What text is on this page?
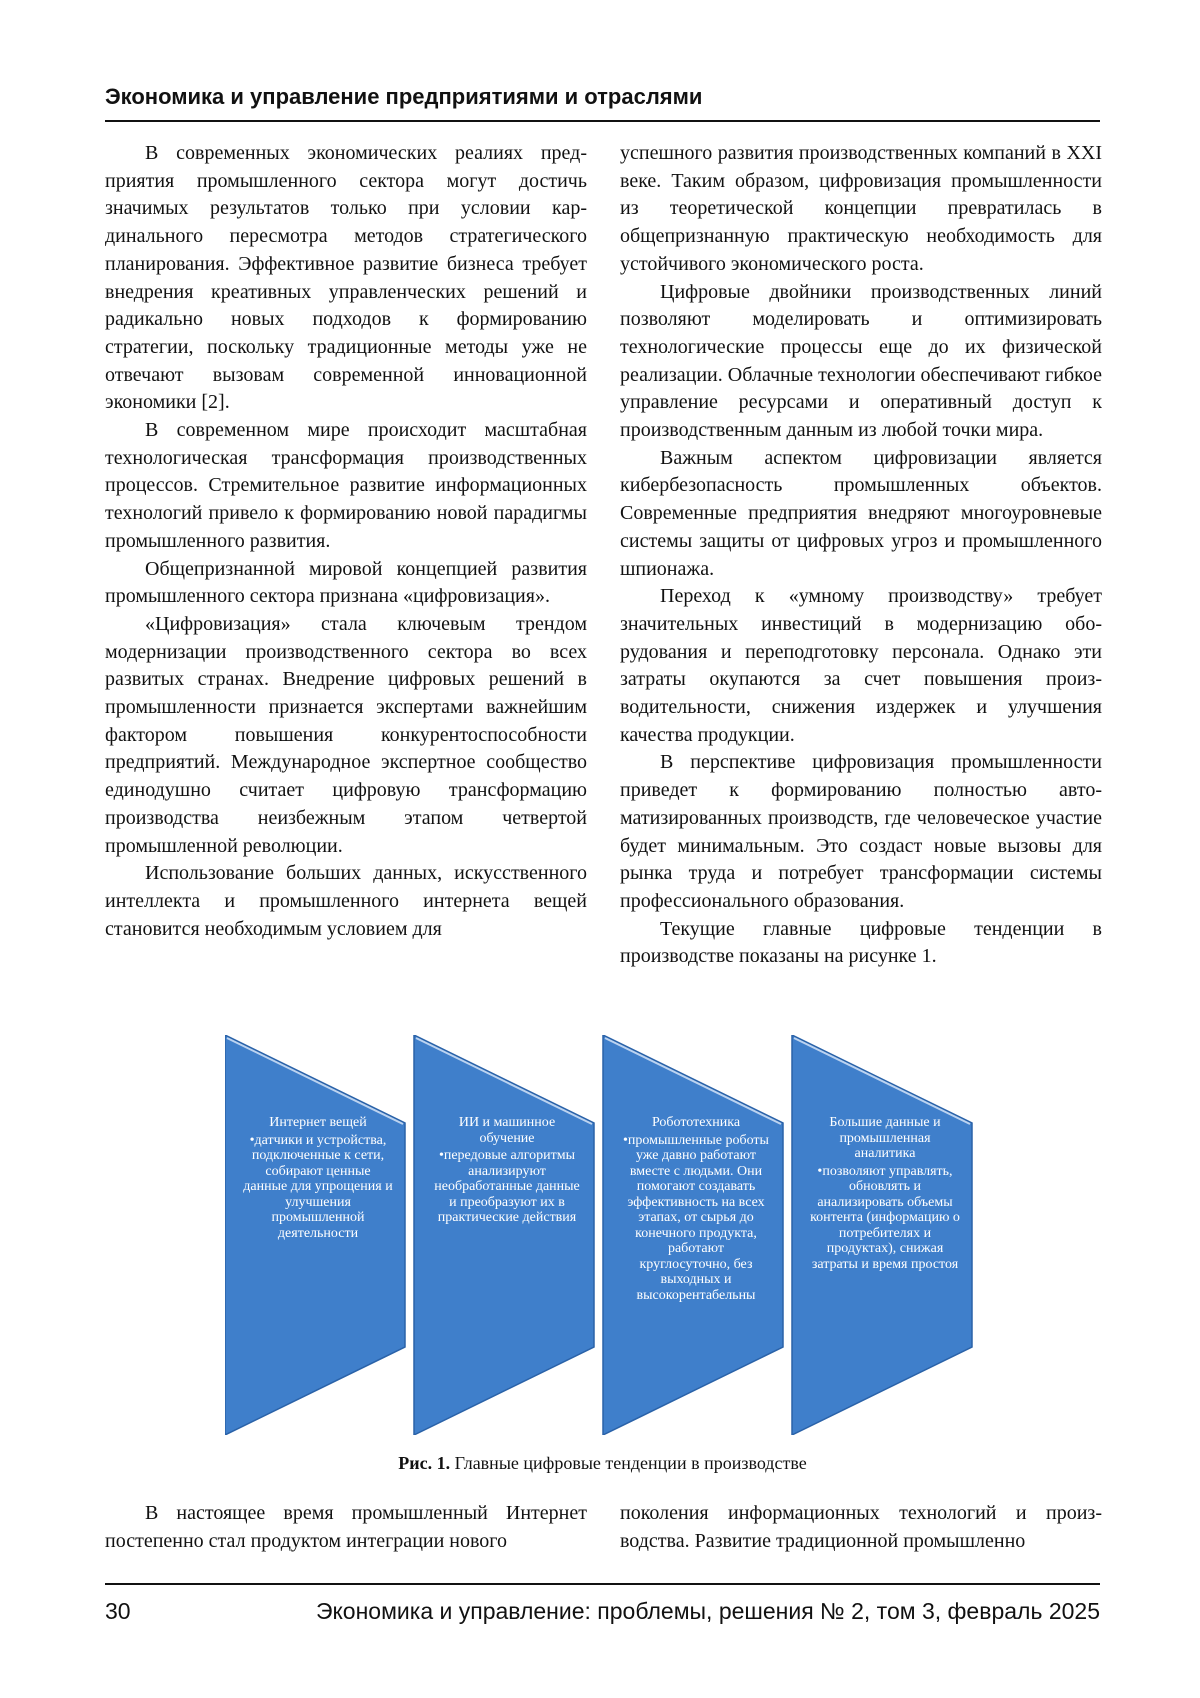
Экономика и управление предприятиями и отраслями

В современных экономических реалиях предприятия промышленного сектора могут достичь значимых результатов только при условии кардинального пересмотра методов стратегического планирования. Эффективное развитие бизнеса требует внедрения креативных управленческих решений и радикально новых подходов к формированию стратегии, поскольку традиционные методы уже не отвечают вызовам современной инновационной экономики [2].

В современном мире происходит масштабная технологическая трансформация производственных процессов. Стремительное развитие информационных технологий привело к формированию новой парадигмы промышленного развития.

Общепризнанной мировой концепцией развития промышленного сектора признана «цифровизация».

«Цифровизация» стала ключевым трендом модернизации производственного сектора во всех развитых странах. Внедрение цифровых решений в промышленности признается экспертами важнейшим фактором повышения конкурентоспособности предприятий. Международное экспертное сообщество единодушно считает цифровую трансформацию производства неизбежным этапом четвертой промышленной революции.

Использование больших данных, искусственного интеллекта и промышленного интернета вещей становится необходимым условием для

успешного развития производственных компаний в XXI веке. Таким образом, цифровизация промышленности из теоретической концепции превратилась в общепризнанную практическую необходимость для устойчивого экономического роста.

Цифровые двойники производственных линий позволяют моделировать и оптимизировать технологические процессы еще до их физической реализации. Облачные технологии обеспечивают гибкое управление ресурсами и оперативный доступ к производственным данным из любой точки мира.

Важным аспектом цифровизации является кибербезопасность промышленных объектов. Современные предприятия внедряют многоуровневые системы защиты от цифровых угроз и промышленного шпионажа.

Переход к «умному производству» требует значительных инвестиций в модернизацию оборудования и переподготовку персонала. Однако эти затраты окупаются за счет повышения производительности, снижения издержек и улучшения качества продукции.

В перспективе цифровизация промышленности приведет к формированию полностью автоматизированных производств, где человеческое участие будет минимальным. Это создаст новые вызовы для рынка труда и потребует трансформации системы профессионального образования.

Текущие главные цифровые тенденции в производстве показаны на рисунке 1.

Интернет вещей
•датчики и устройства, подключенные к сети, собирают ценные данные для упрощения и улучшения промышленной деятельности
ИИ и машинное обучение
•передовые алгоритмы анализируют необработанные данные и преобразуют их в практические действия
Робототехника
•промышленные роботы уже давно работают вместе с людьми. Они помогают создавать эффективность на всех этапах, от сырья до конечного продукта, работают круглосуточно, без выходных и высокорентабельны
Большие данные и промышленная аналитика
•позволяют управлять, обновлять и анализировать объемы контента (информацию о потребителях и продуктах), снижая затраты и время простоя
Рис. 1. Главные цифровые тенденции в производстве

В настоящее время промышленный Интернет постепенно стал продуктом интеграции нового

поколения информационных технологий и производства. Развитие традиционной промышленно

30	Экономика и управление: проблемы, решения № 2, том 3, февраль 2025
